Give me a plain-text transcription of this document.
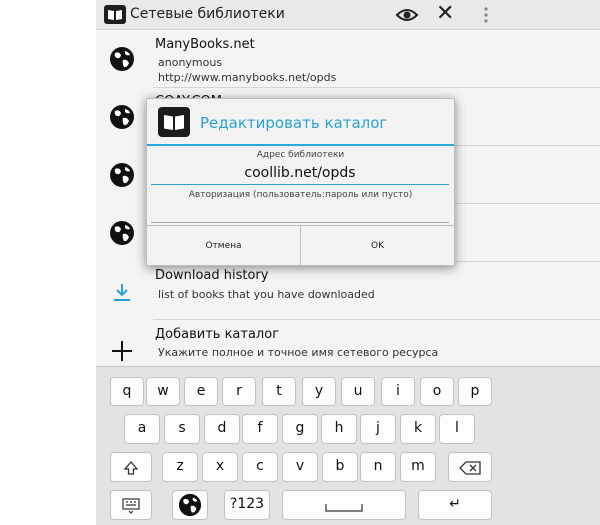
Сетевые библиотеки	✕
ManyBooks.net
anonymous
http://www.manybooks.net/opds
Download history
list of books that you have downloaded
Добавить каталог
Укажите полное и точное имя сетевого ресурса
Редактировать каталог
Адрес библиотеки
coollib.net/opds
Авторизация (пользователь:пароль или пусто)
Отмена	OK
q	w	e	r	t	y	u	i	o	p
a	s	d	f	g	h	j	k	l
z	x	c	v	b	n	m
?123	↵
